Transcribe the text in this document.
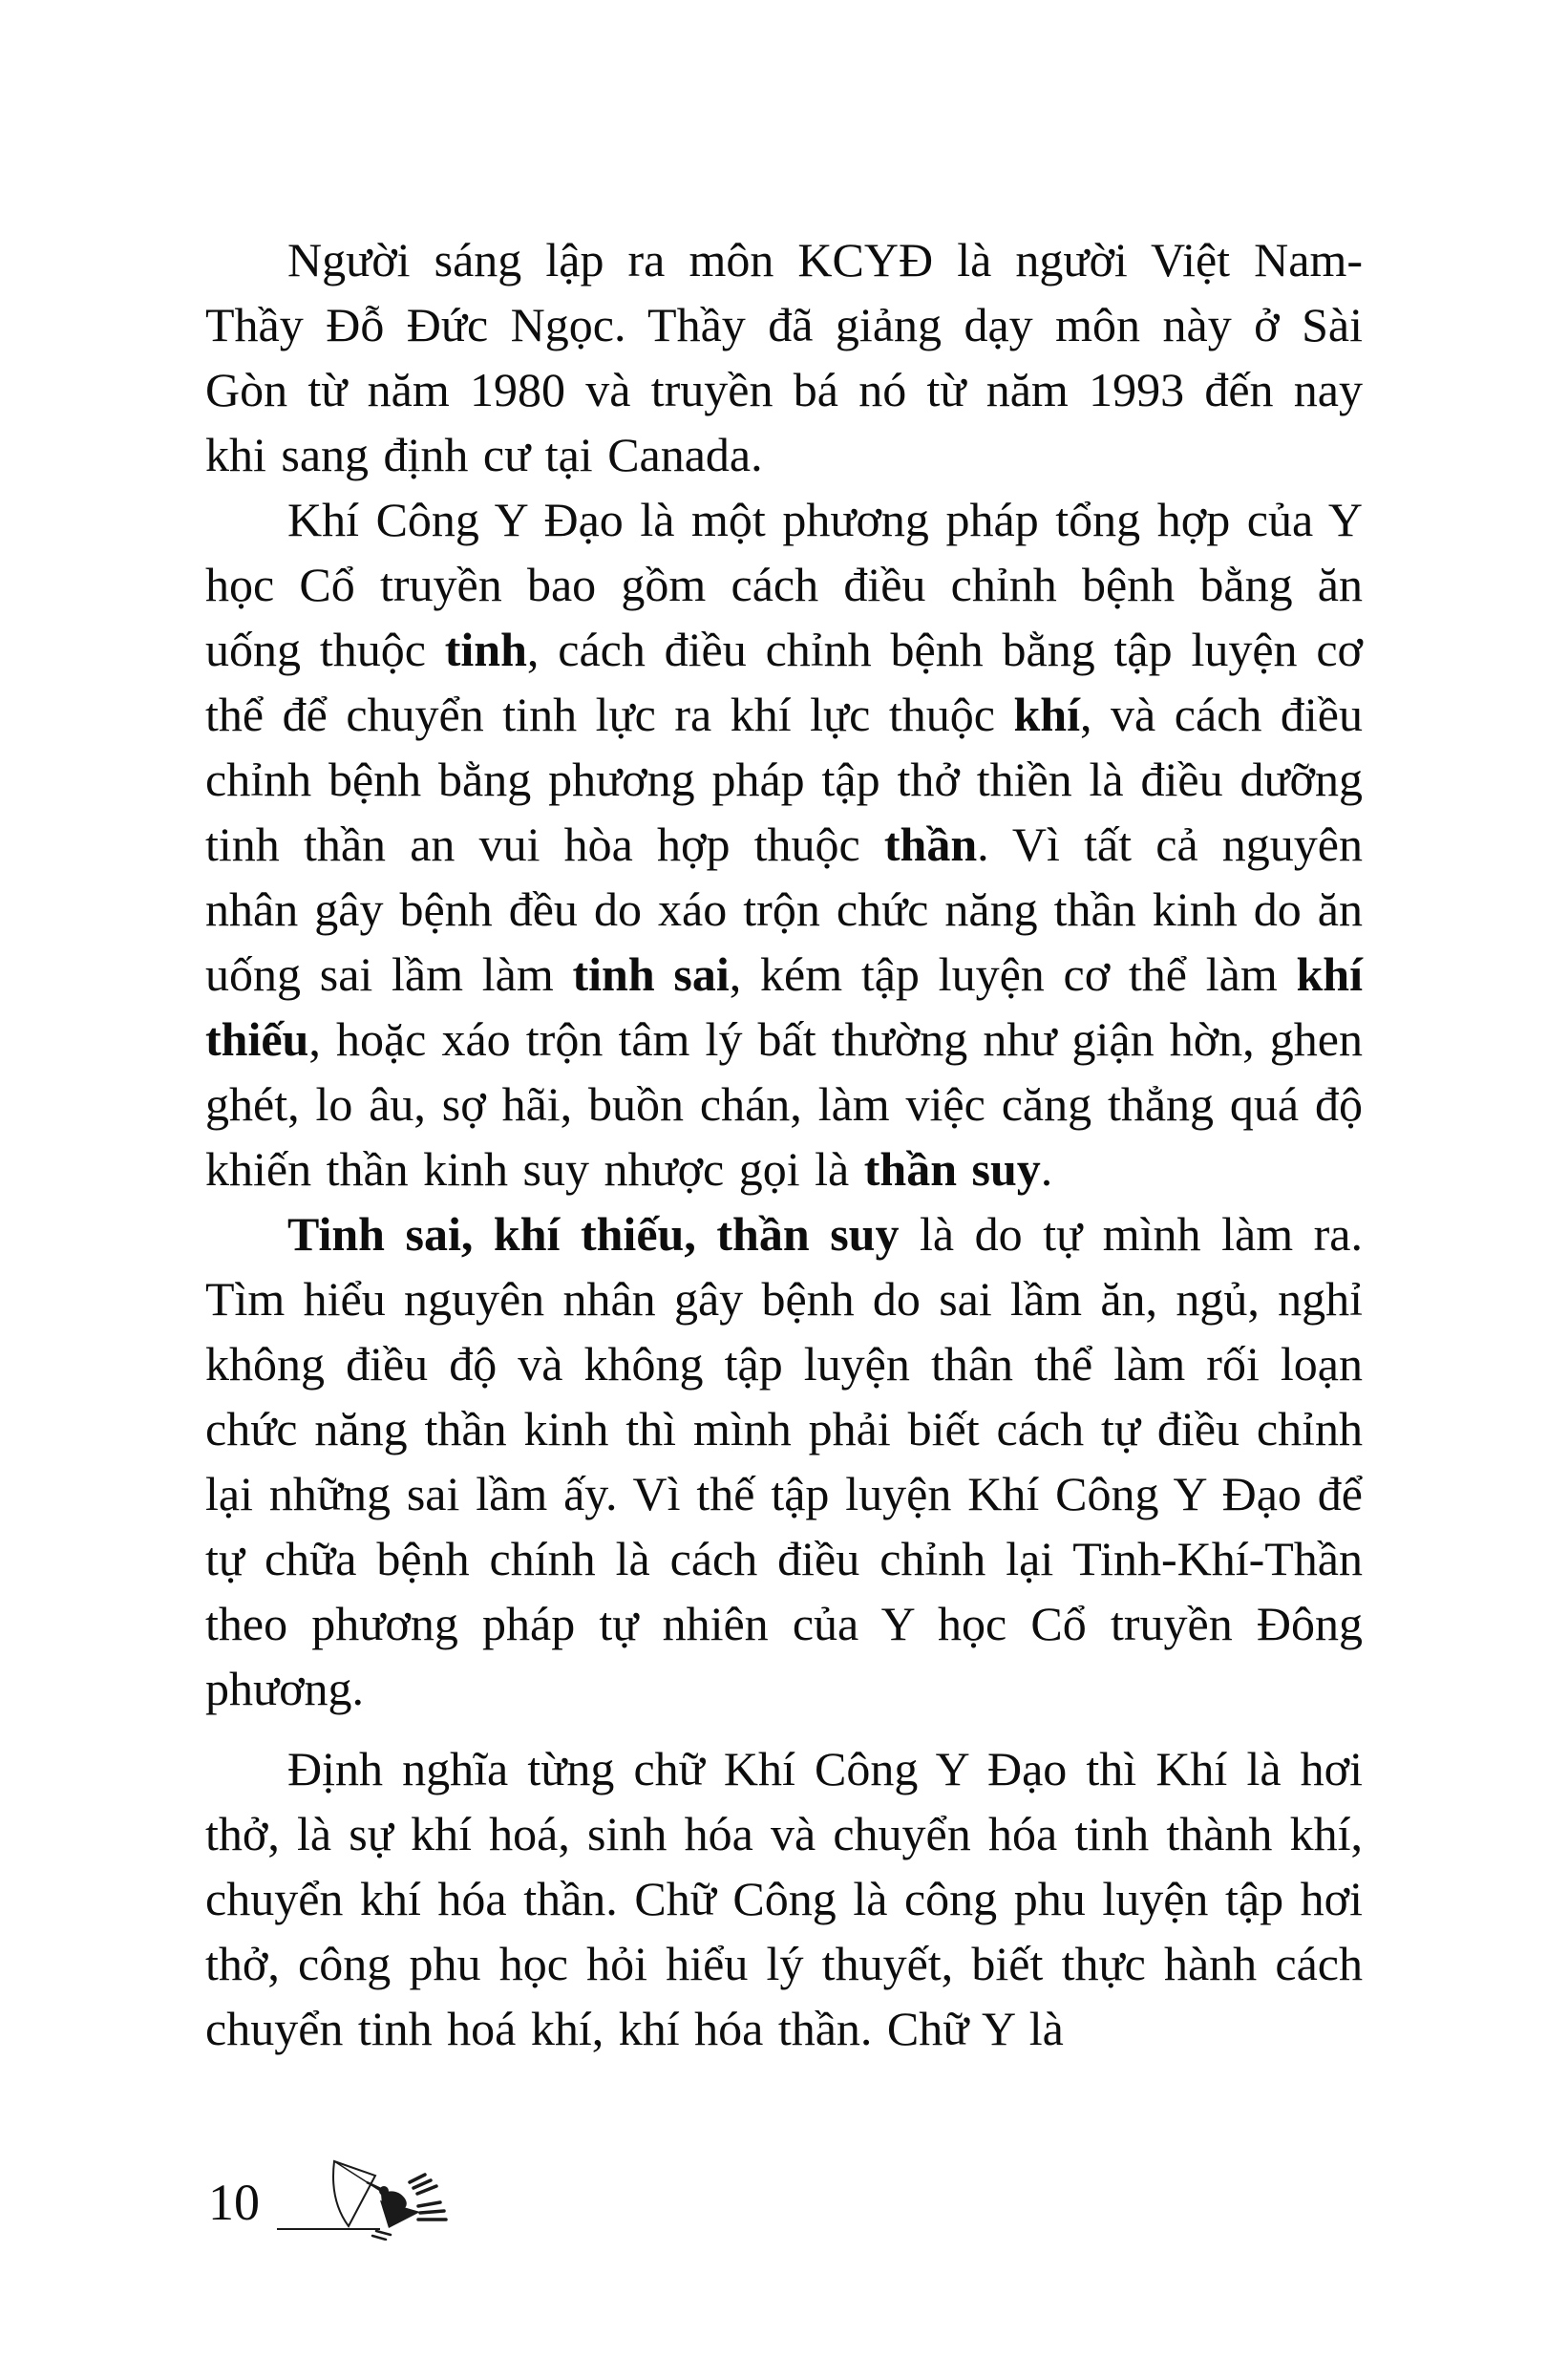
Người sáng lập ra môn KCYĐ là người Việt Nam- Thầy Đỗ Đức Ngọc. Thầy đã giảng dạy môn này ở Sài Gòn từ năm 1980 và truyền bá nó từ năm 1993 đến nay khi sang định cư tại Canada.

Khí Công Y Đạo là một phương pháp tổng hợp của Y học Cổ truyền bao gồm cách điều chỉnh bệnh bằng ăn uống thuộc tinh, cách điều chỉnh bệnh bằng tập luyện cơ thể để chuyển tinh lực ra khí lực thuộc khí, và cách điều chỉnh bệnh bằng phương pháp tập thở thiền là điều dưỡng tinh thần an vui hòa hợp thuộc thần. Vì tất cả nguyên nhân gây bệnh đều do xáo trộn chức năng thần kinh do ăn uống sai lầm làm tinh sai, kém tập luyện cơ thể làm khí thiếu, hoặc xáo trộn tâm lý bất thường như giận hờn, ghen ghét, lo âu, sợ hãi, buồn chán, làm việc căng thẳng quá độ khiến thần kinh suy nhược gọi là thần suy.

Tinh sai, khí thiếu, thần suy là do tự mình làm ra. Tìm hiểu nguyên nhân gây bệnh do sai lầm ăn, ngủ, nghỉ không điều độ và không tập luyện thân thể làm rối loạn chức năng thần kinh thì mình phải biết cách tự điều chỉnh lại những sai lầm ấy. Vì thế tập luyện Khí Công Y Đạo để tự chữa bệnh chính là cách điều chỉnh lại Tinh-Khí-Thần theo phương pháp tự nhiên của Y học Cổ truyền Đông phương.

Định nghĩa từng chữ Khí Công Y Đạo thì Khí là hơi thở, là sự khí hoá, sinh hóa và chuyển hóa tinh thành khí, chuyển khí hóa thần. Chữ Công là công phu luyện tập hơi thở, công phu học hỏi hiểu lý thuyết, biết thực hành cách chuyển tinh hoá khí, khí hóa thần. Chữ Y là

10
